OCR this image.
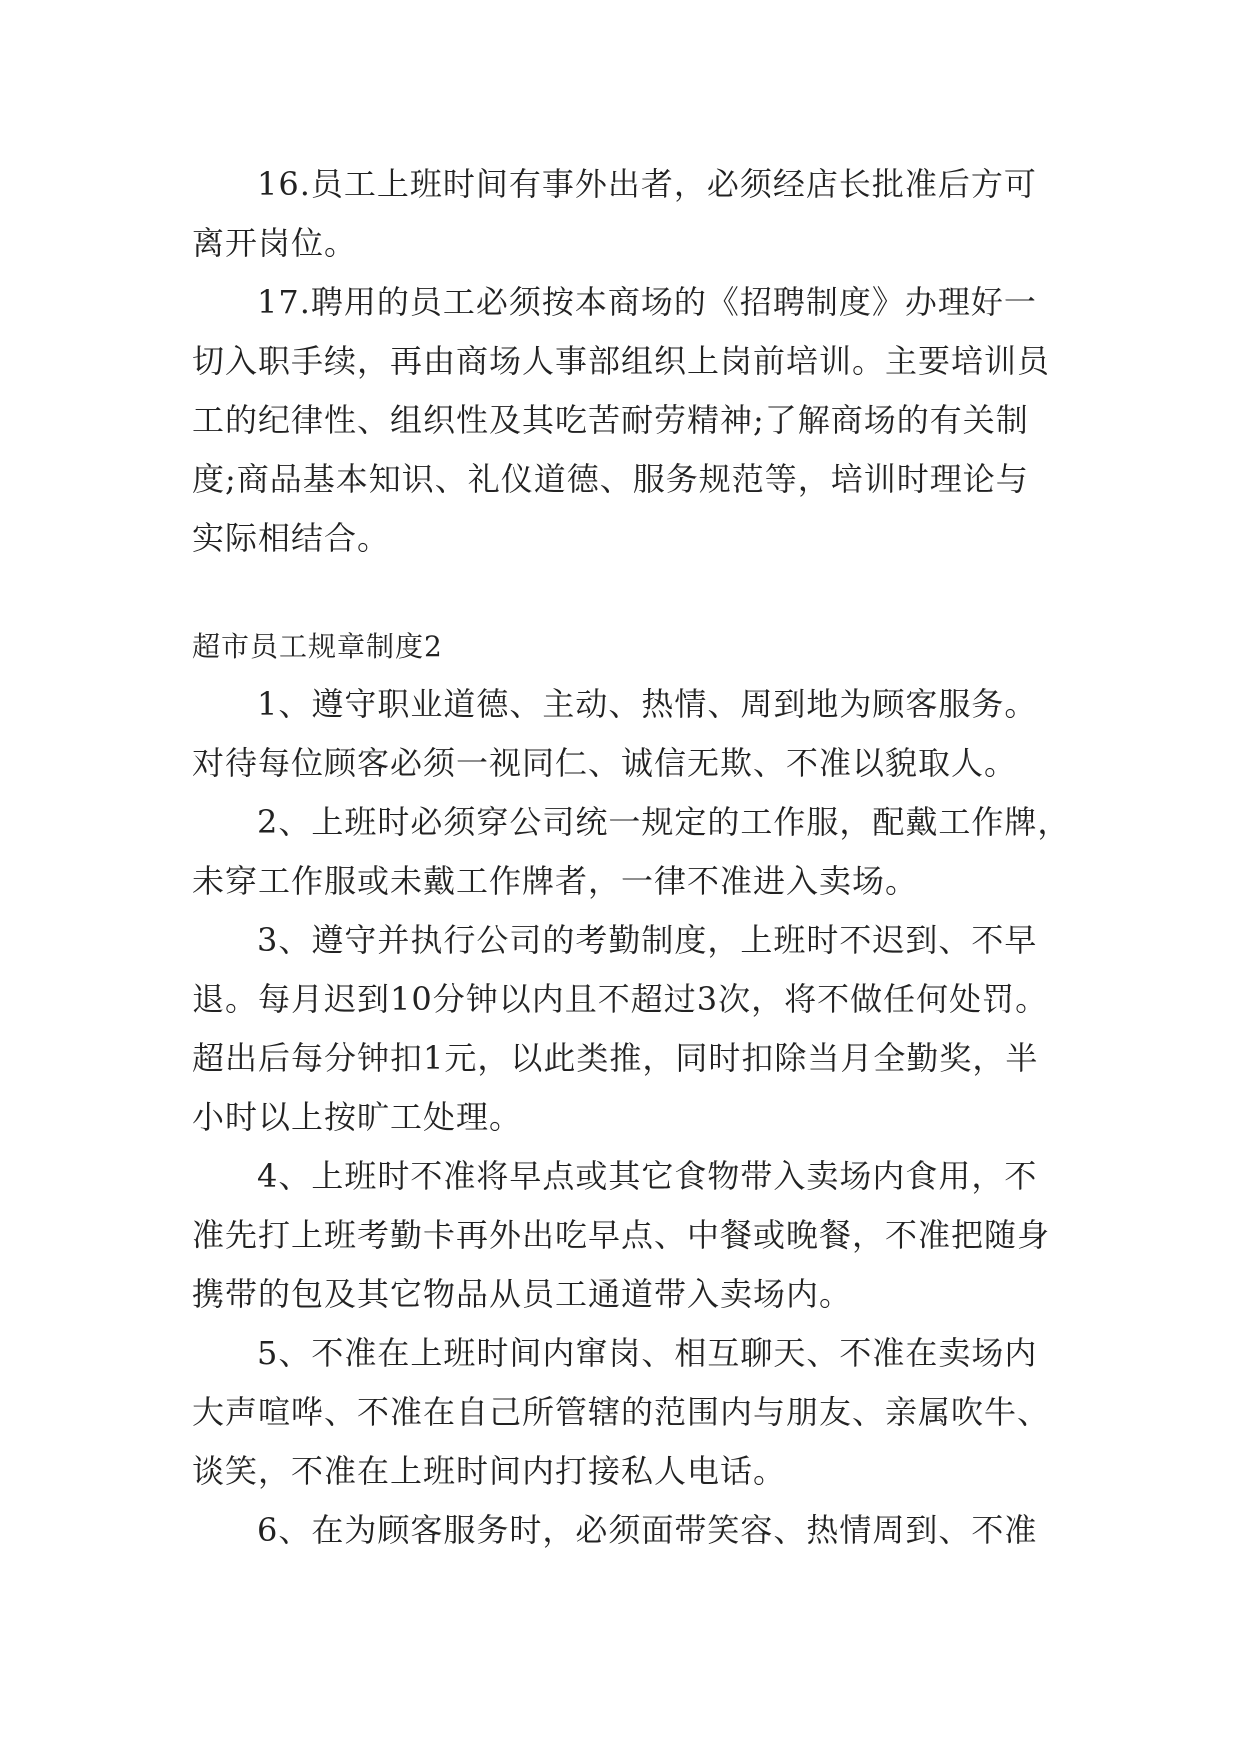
16.员工上班时间有事外出者，必须经店长批准后方可
离开岗位。
17.聘用的员工必须按本商场的《招聘制度》办理好一
切入职手续，再由商场人事部组织上岗前培训。主要培训员
工的纪律性、组织性及其吃苦耐劳精神;了解商场的有关制
度;商品基本知识、礼仪道德、服务规范等，培训时理论与
实际相结合。
超市员工规章制度2
1、遵守职业道德、主动、热情、周到地为顾客服务。
对待每位顾客必须一视同仁、诚信无欺、不准以貌取人。
2、上班时必须穿公司统一规定的工作服，配戴工作牌，
未穿工作服或未戴工作牌者，一律不准进入卖场。
3、遵守并执行公司的考勤制度，上班时不迟到、不早
退。每月迟到10分钟以内且不超过3次，将不做任何处罚。
超出后每分钟扣1元，以此类推，同时扣除当月全勤奖，半
小时以上按旷工处理。
4、上班时不准将早点或其它食物带入卖场内食用，不
准先打上班考勤卡再外出吃早点、中餐或晚餐，不准把随身
携带的包及其它物品从员工通道带入卖场内。
5、不准在上班时间内窜岗、相互聊天、不准在卖场内
大声喧哗、不准在自己所管辖的范围内与朋友、亲属吹牛、
谈笑，不准在上班时间内打接私人电话。
6、在为顾客服务时，必须面带笑容、热情周到、不准
